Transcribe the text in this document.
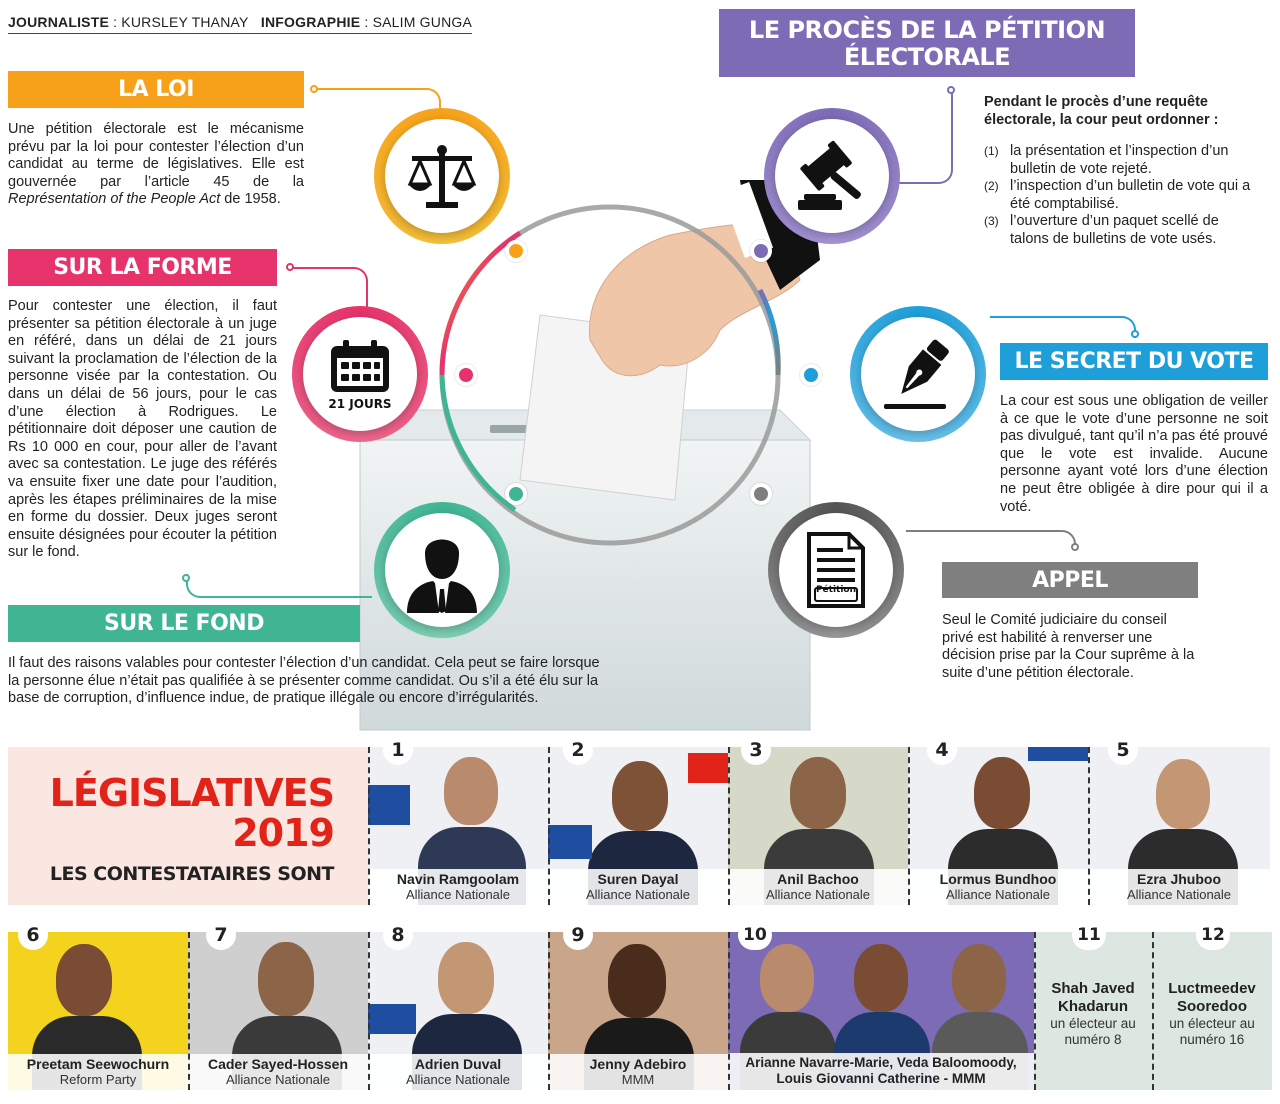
JOURNALISTE : KURSLEY THANAY INFOGRAPHIE : SALIM GUNGA
LA LOI
Une pétition électorale est le mécanisme prévu par la loi pour contester l’élection d’un candidat au terme de législatives. Elle est gouvernée par l’article 45 de la Représentation of the People Act de 1958.
SUR LA FORME
Pour contester une élection, il faut présenter sa pétition électorale à un juge en référé, dans un délai de 21 jours suivant la proclamation de l’élection de la personne visée par la contestation. Ou dans un délai de 56 jours, pour le cas d’une élection à Rodrigues. Le pétitionnaire doit déposer une caution de Rs 10 000 en cour, pour aller de l’avant avec sa contestation. Le juge des référés va ensuite fixer une date pour l’audition, après les étapes préliminaires de la mise en forme du dossier. Deux juges seront ensuite désignées pour écouter la pétition sur le fond.
21 JOURS
SUR LE FOND
Il faut des raisons valables pour contester l’élection d’un candidat. Cela peut se faire lorsque la personne élue n’était pas qualifiée à se présenter comme candidat. Ou s’il a été élu sur la base de corruption, d’influence indue, de pratique illégale ou encore d’irrégularités.
LE PROCÈS DE LA PÉTITION
ÉLECTORALE
Pendant le procès d’une requête électorale, la cour peut ordonner :
(1) la présentation et l’inspection d’un bulletin de vote rejeté.
(2) l’inspection d’un bulletin de vote qui a été comptabilisé.
(3) l’ouverture d’un paquet scellé de talons de bulletins de vote usés.
LE SECRET DU VOTE
La cour est sous une obligation de veiller à ce que le vote d’une personne ne soit pas divulgué, tant qu’il n’a pas été prouvé que le vote est invalide. Aucune personne ayant voté lors d’une élection ne peut être obligée à dire pour qui il a voté.
Pétition	APPEL
Seul le Comité judiciaire du conseil privé est habilité à renverser une décision prise par la Cour suprême à la suite d’une pétition électorale.
LÉGISLATIVES
2019
LES CONTESTATAIRES SONT	Navin Ramgoolam
Alliance Nationale
Suren Dayal
Alliance Nationale
Anil Bachoo
Alliance Nationale
Lormus Bundhoo
Alliance Nationale
Ezra Jhuboo
Alliance Nationale
Preetam Seewochurn
Reform Party
Cader Sayed-Hossen
Alliance Nationale
Adrien Duval
Alliance Nationale
Jenny Adebiro
MMM
Arianne Navarre-Marie, Veda Baloomoody,
Louis Giovanni Catherine - MMM
Shah Javed Khadarun
un électeur au numéro 8
Luctmeedev Sooredoo
un électeur au numéro 16
1	2	3	4	5
6	7	8	9	10	11	12
